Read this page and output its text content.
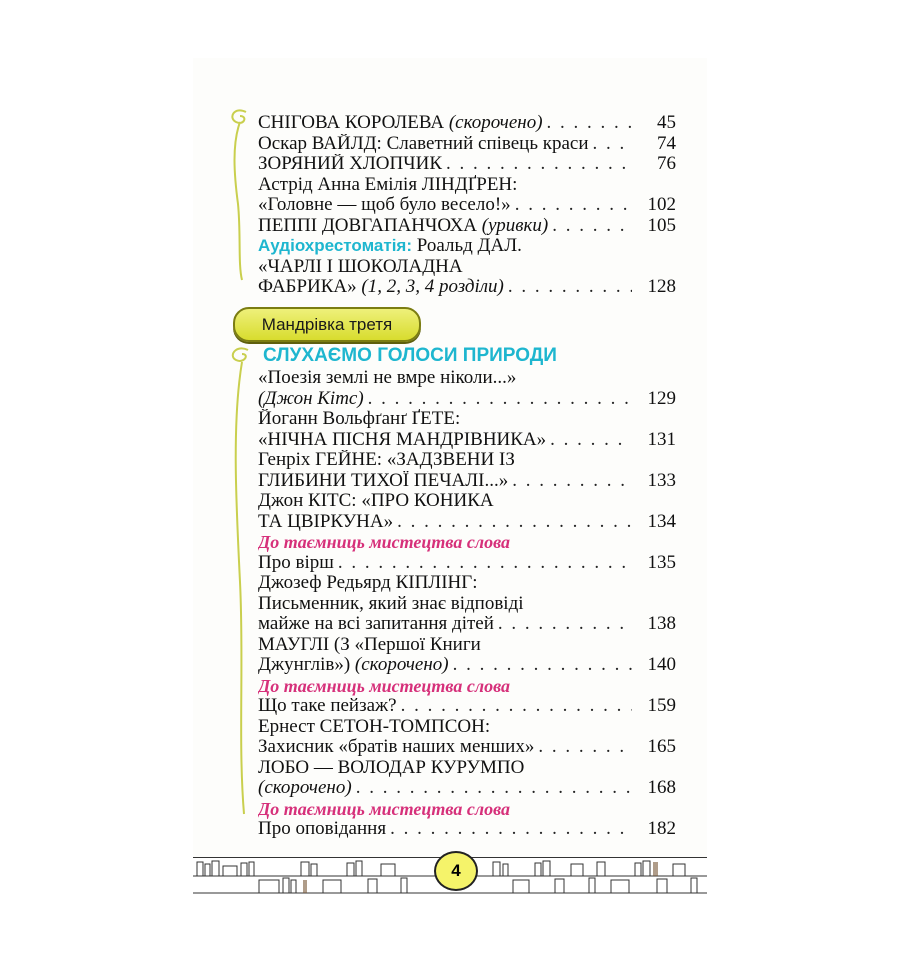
СНІГОВА КОРОЛЕВА (скорочено) . . .	45
Оскар ВАЙЛД: Славетний співець краси . . .	74
ЗОРЯНИЙ ХЛОПЧИК . . .	76
Астрід Анна Емілія ЛІНДҐРЕН:
«Головне — щоб було весело!» . . .	102
ПЕППІ ДОВГАПАНЧОХА (уривки) . . .	105
Аудіохрестоматія: Роальд ДАЛ.
«ЧАРЛІ І ШОКОЛАДНА
ФАБРИКА» (1, 2, 3, 4 розділи) . . .	128
Мандрівка третя
СЛУХАЄМО ГОЛОСИ ПРИРОДИ
«Поезія землі не вмре ніколи...»
(Джон Кітс) . . .	129
Йоганн Вольфґанґ ҐЕТЕ:
«НІЧНА ПІСНЯ МАНДРІВНИКА» . . .	131
Генріх ГЕЙНЕ: «ЗАДЗВЕНИ ІЗ
ГЛИБИНИ ТИХОЇ ПЕЧАЛІ...» . . .	133
Джон КІТС: «ПРО КОНИКА
ТА ЦВІРКУНА» . . .	134
До таємниць мистецтва слова
Про вірш . . .	135
Джозеф Редьярд КІПЛІНГ:
Письменник, який знає відповіді
майже на всі запитання дітей . . .	138
МАУГЛІ (З «Першої Книги
Джунглів») (скорочено) . . .	140
До таємниць мистецтва слова
Що таке пейзаж? . . .	159
Ернест СЕТОН-ТОМПСОН:
Захисник «братів наших менших» . . .	165
ЛОБО — ВОЛОДАР КУРУМПО
(скорочено) . . .	168
До таємниць мистецтва слова
Про оповідання . . .	182
4
